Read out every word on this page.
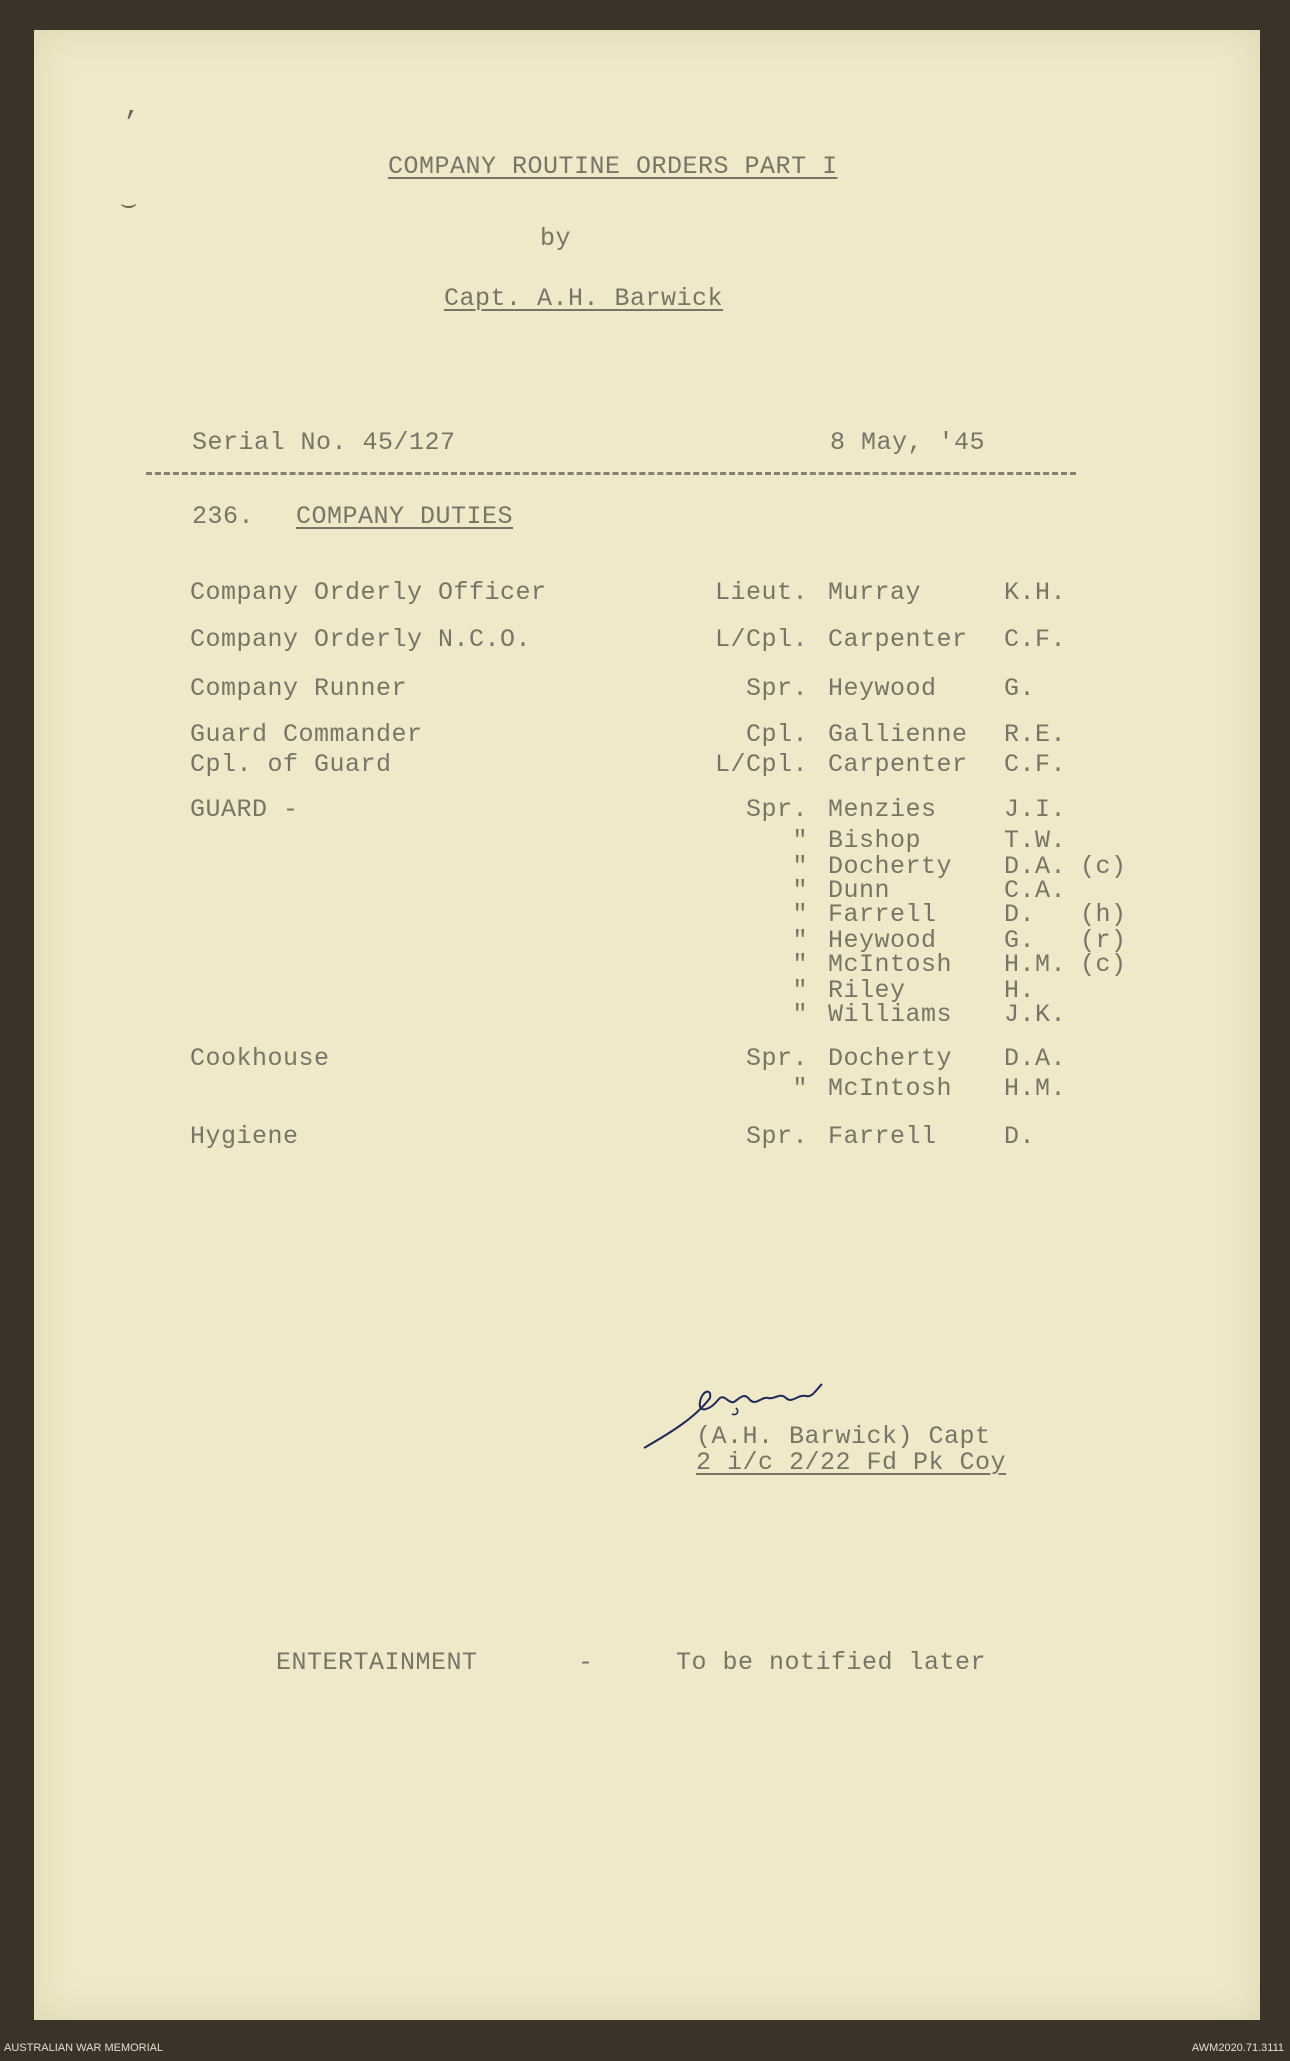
,
⌣
COMPANY ROUTINE ORDERS PART I
by
Capt. A.H. Barwick
Serial No. 45/127	8 May, '45
236. COMPANY DUTIES
Company Orderly Officer	Lieut. Murray	K.H.
Company Orderly N.C.O.	L/Cpl. Carpenter C.F.
Company Runner	Spr. Heywood	G.
Guard Commander	Cpl. Gallienne R.E.
Cpl. of Guard	L/Cpl. Carpenter C.F.
GUARD -	Spr. Menzies	J.I.
" Bishop	T.W.
" Docherty D.A. (c)
" Dunn	C.A.
" Farrell	D. (h)
" Heywood	G. (r)
" McIntosh H.M. (c)
" Riley	H.
" Williams J.K.
Cookhouse	Spr. Docherty D.A.
" McIntosh H.M.
Hygiene	Spr. Farrell	D.
(A.H. Barwick) Capt
2 i/c 2/22 Fd Pk Coy
ENTERTAINMENT	-	To be notified later
AUSTRALIAN WAR MEMORIAL	AWM2020.71.3111
